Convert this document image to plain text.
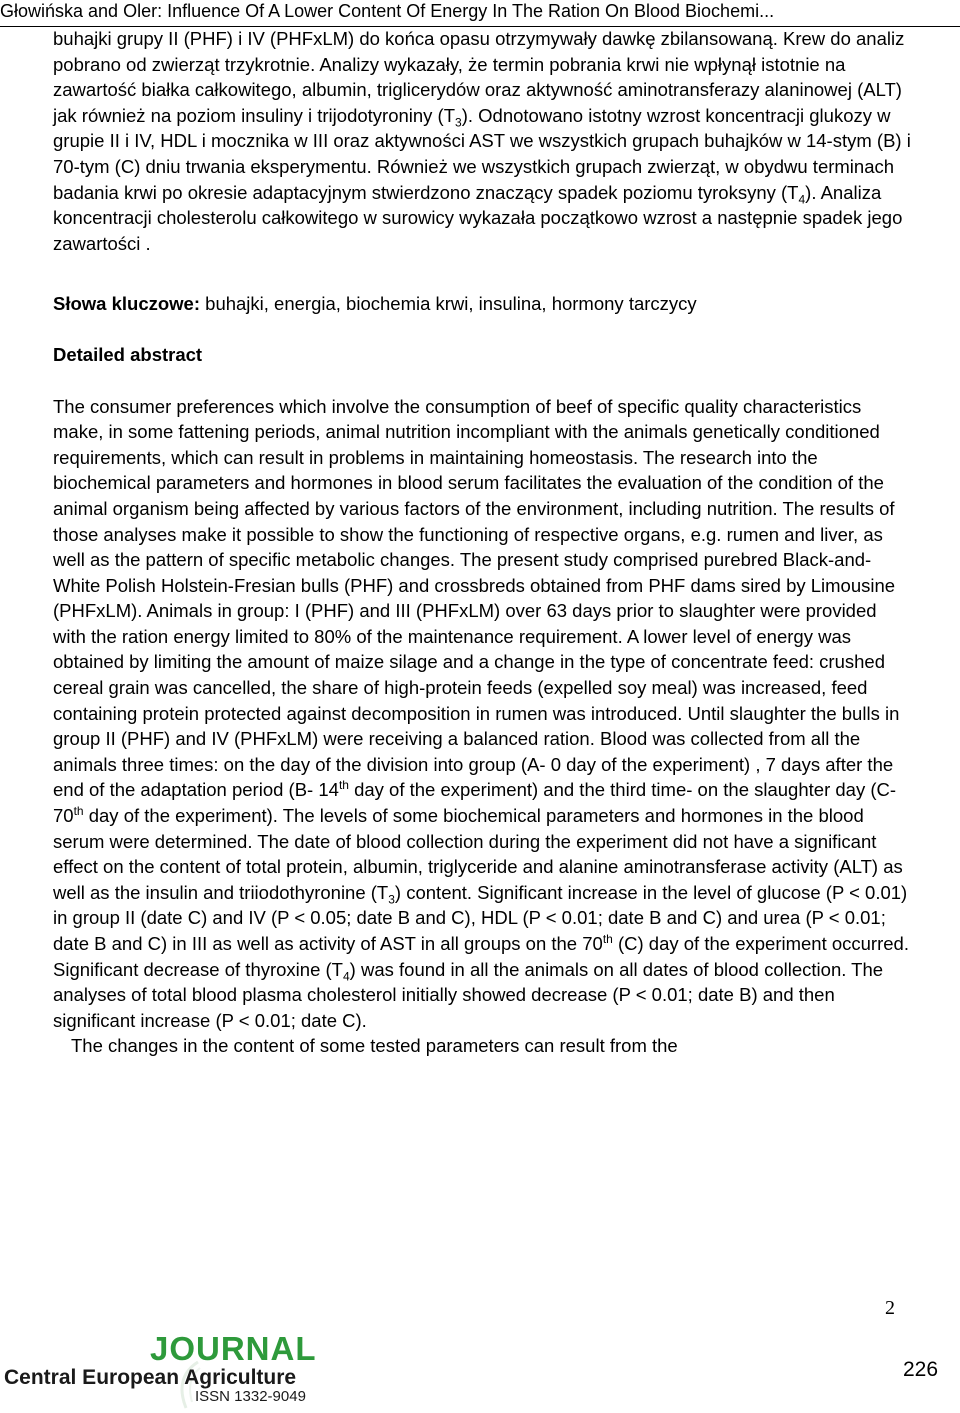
Głowińska and Oler: Influence Of A Lower Content Of Energy In The Ration On Blood Biochemi...

buhajki grupy II (PHF) i IV (PHFxLM) do końca opasu otrzymywały dawkę zbilansowaną. Krew do analiz pobrano od zwierząt trzykrotnie. Analizy wykazały, że termin pobrania krwi nie wpłynął istotnie na zawartość białka całkowitego, albumin, triglicerydów oraz aktywność aminotransferazy alaninowej (ALT) jak również na poziom insuliny i trijodotyroniny $(T_3)$. Odnotowano istotny wzrost koncentracji glukozy w grupie II i IV, HDL i mocznika w III oraz aktywności AST we wszystkich grupach buhajków w 14-stym (B) i 70-tym (C) dniu trwania eksperymentu. Również we wszystkich grupach zwierząt, w obydwu terminach badania krwi po okresie adaptacyjnym stwierdzono znaczący spadek poziomu tyroksyny $(T_4)$. Analiza koncentracji cholesterolu całkowitego w surowicy wykazała początkowo wzrost a następnie spadek jego zawartości .

Słowa kluczowe: buhajki, energia, biochemia krwi, insulina, hormony tarczycy

Detailed abstract

The consumer preferences which involve the consumption of beef of specific quality characteristics make, in some fattening periods, animal nutrition incompliant with the animals genetically conditioned requirements, which can result in problems in maintaining homeostasis. The research into the biochemical parameters and hormones in blood serum facilitates the evaluation of the condition of the animal organism being affected by various factors of the environment, including nutrition. The results of those analyses make it possible to show the functioning of respective organs, e.g. rumen and liver, as well as the pattern of specific metabolic changes. The present study comprised purebred Black-and-White Polish Holstein-Fresian bulls (PHF) and crossbreds obtained from PHF dams sired by Limousine (PHFxLM). Animals in group: I (PHF) and III (PHFxLM) over 63 days prior to slaughter were provided with the ration energy limited to 80% of the maintenance requirement. A lower level of energy was obtained by limiting the amount of maize silage and a change in the type of concentrate feed: crushed cereal grain was cancelled, the share of high-protein feeds (expelled soy meal) was increased, feed containing protein protected against decomposition in rumen was introduced. Until slaughter the bulls in group II (PHF) and IV (PHFxLM) were receiving a balanced ration. Blood was collected from all the animals three times: on the day of the division into group (A- 0 day of the experiment) , 7 days after the end of the adaptation period (B- 14th day of the experiment) and the third time- on the slaughter day (C- 70th day of the experiment). The levels of some biochemical parameters and hormones in the blood serum were determined. The date of blood collection during the experiment did not have a significant effect on the content of total protein, albumin, triglyceride and alanine aminotransferase activity (ALT) as well as the insulin and triiodothyronine $(T_3)$ content. Significant increase in the level of glucose (P < 0.01) in group II (date C) and IV (P < 0.05; date B and C), HDL (P < 0.01; date B and C) and urea (P < 0.01; date B and C) in III as well as activity of AST in all groups on the 70th (C) day of the experiment occurred. Significant decrease of thyroxine $(T_4)$ was found in all the animals on all dates of blood collection. The analyses of total blood plasma cholesterol initially showed decrease (P < 0.01; date B) and then significant increase (P < 0.01; date C).

The changes in the content of some tested parameters can result from the

2
JOURNAL
Central European Agriculture
ISSN 1332-9049
226
